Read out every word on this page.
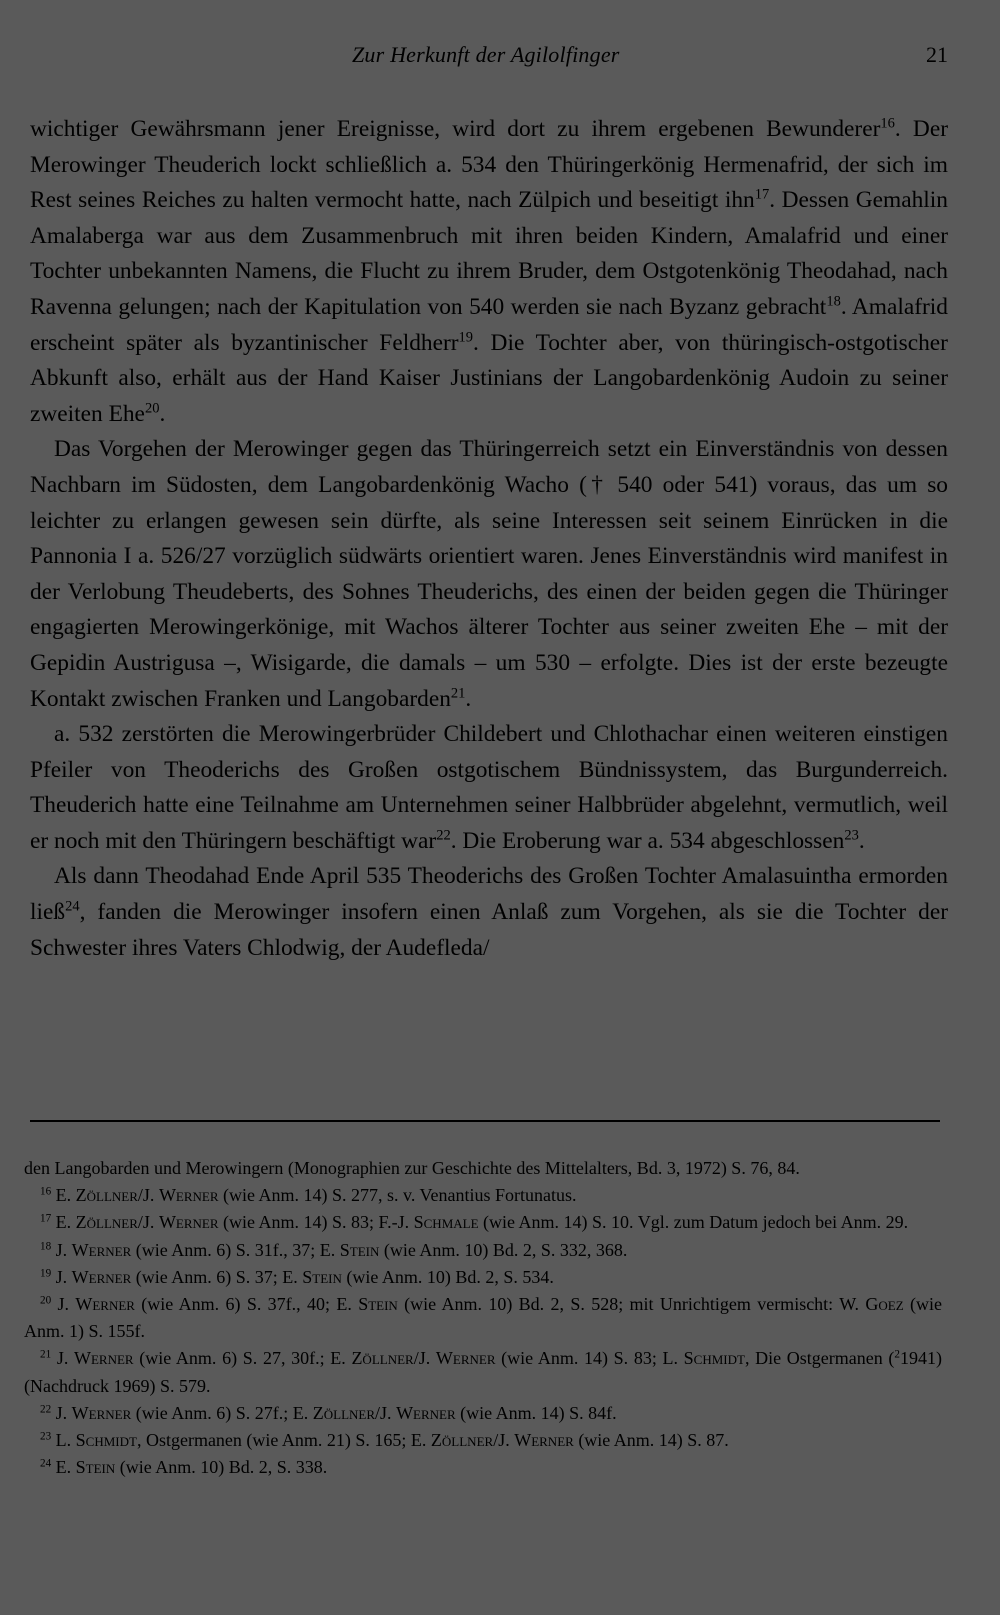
Zur Herkunft der Agilolfinger	21

wichtiger Gewährsmann jener Ereignisse, wird dort zu ihrem ergebenen Bewunderer$^{16}$. Der Merowinger Theuderich lockt schließlich a. 534 den Thüringerkönig Hermenafrid, der sich im Rest seines Reiches zu halten vermocht hatte, nach Zülpich und beseitigt ihn$^{17}$. Dessen Gemahlin Amalaberga war aus dem Zusammenbruch mit ihren beiden Kindern, Amalafrid und einer Tochter unbekannten Namens, die Flucht zu ihrem Bruder, dem Ostgotenkönig Theodahad, nach Ravenna gelungen; nach der Kapitulation von 540 werden sie nach Byzanz gebracht$^{18}$. Amalafrid erscheint später als byzantinischer Feldherr$^{19}$. Die Tochter aber, von thüringisch-ostgotischer Abkunft also, erhält aus der Hand Kaiser Justinians der Langobardenkönig Audoin zu seiner zweiten Ehe$^{20}$.

Das Vorgehen der Merowinger gegen das Thüringerreich setzt ein Einverständnis von dessen Nachbarn im Südosten, dem Langobardenkönig Wacho († 540 oder 541) voraus, das um so leichter zu erlangen gewesen sein dürfte, als seine Interessen seit seinem Einrücken in die Pannonia I a. 526/27 vorzüglich südwärts orientiert waren. Jenes Einverständnis wird manifest in der Verlobung Theudeberts, des Sohnes Theuderichs, des einen der beiden gegen die Thüringer engagierten Merowingerkönige, mit Wachos älterer Tochter aus seiner zweiten Ehe – mit der Gepidin Austrigusa –, Wisigarde, die damals – um 530 – erfolgte. Dies ist der erste bezeugte Kontakt zwischen Franken und Langobarden$^{21}$.

a. 532 zerstörten die Merowingerbrüder Childebert und Chlothachar einen weiteren einstigen Pfeiler von Theoderichs des Großen ostgotischem Bündnissystem, das Burgunderreich. Theuderich hatte eine Teilnahme am Unternehmen seiner Halbbrüder abgelehnt, vermutlich, weil er noch mit den Thüringern beschäftigt war$^{22}$. Die Eroberung war a. 534 abgeschlossen$^{23}$.

Als dann Theodahad Ende April 535 Theoderichs des Großen Tochter Amalasuintha ermorden ließ$^{24}$, fanden die Merowinger insofern einen Anlaß zum Vorgehen, als sie die Tochter der Schwester ihres Vaters Chlodwig, der Audefleda/

den Langobarden und Merowingern (Monographien zur Geschichte des Mittelalters, Bd. 3, 1972) S. 76, 84.

$^{16}$ E. Zöllner/J. Werner (wie Anm. 14) S. 277, s. v. Venantius Fortunatus.

$^{17}$ E. Zöllner/J. Werner (wie Anm. 14) S. 83; F.-J. Schmale (wie Anm. 14) S. 10. Vgl. zum Datum jedoch bei Anm. 29.

$^{18}$ J. Werner (wie Anm. 6) S. 31f., 37; E. Stein (wie Anm. 10) Bd. 2, S. 332, 368.

$^{19}$ J. Werner (wie Anm. 6) S. 37; E. Stein (wie Anm. 10) Bd. 2, S. 534.

$^{20}$ J. Werner (wie Anm. 6) S. 37f., 40; E. Stein (wie Anm. 10) Bd. 2, S. 528; mit Unrichtigem vermischt: W. Goez (wie Anm. 1) S. 155f.

$^{21}$ J. Werner (wie Anm. 6) S. 27, 30f.; E. Zöllner/J. Werner (wie Anm. 14) S. 83; L. Schmidt, Die Ostgermanen ($^2$1941) (Nachdruck 1969) S. 579.

$^{22}$ J. Werner (wie Anm. 6) S. 27f.; E. Zöllner/J. Werner (wie Anm. 14) S. 84f.

$^{23}$ L. Schmidt, Ostgermanen (wie Anm. 21) S. 165; E. Zöllner/J. Werner (wie Anm. 14) S. 87.

$^{24}$ E. Stein (wie Anm. 10) Bd. 2, S. 338.
